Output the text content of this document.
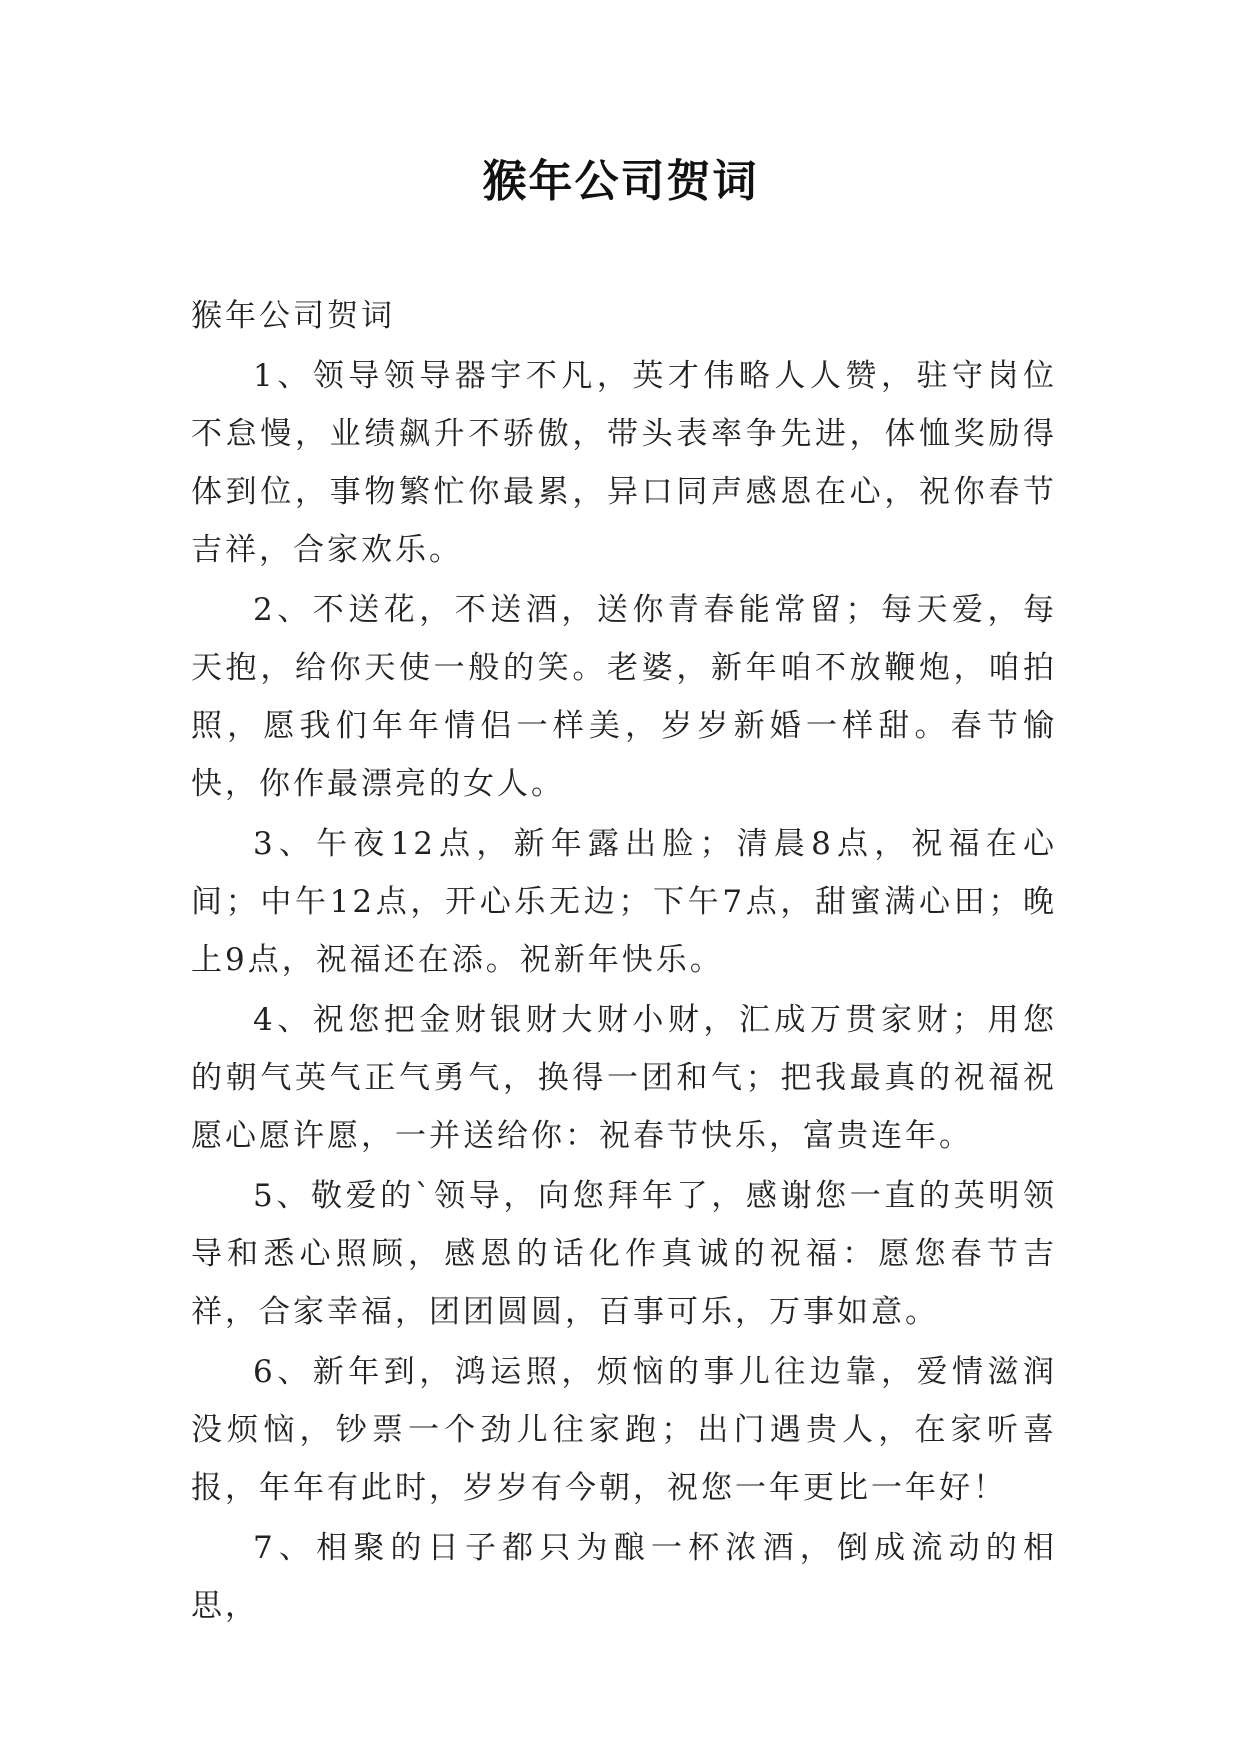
猴年公司贺词

猴年公司贺词

1、领导领导器宇不凡，英才伟略人人赞，驻守岗位不怠慢，业绩飙升不骄傲，带头表率争先进，体恤奖励得体到位，事物繁忙你最累，异口同声感恩在心，祝你春节吉祥，合家欢乐。

2、不送花，不送酒，送你青春能常留；每天爱，每天抱，给你天使一般的笑。老婆，新年咱不放鞭炮，咱拍照，愿我们年年情侣一样美，岁岁新婚一样甜。春节愉快，你作最漂亮的女人。

3、午夜12点，新年露出脸；清晨8点，祝福在心间；中午12点，开心乐无边；下午7点，甜蜜满心田；晚上9点，祝福还在添。祝新年快乐。

4、祝您把金财银财大财小财，汇成万贯家财；用您的朝气英气正气勇气，换得一团和气；把我最真的祝福祝愿心愿许愿，一并送给你：祝春节快乐，富贵连年。

5、敬爱的`领导，向您拜年了，感谢您一直的英明领导和悉心照顾，感恩的话化作真诚的祝福：愿您春节吉祥，合家幸福，团团圆圆，百事可乐，万事如意。

6、新年到，鸿运照，烦恼的事儿往边靠，爱情滋润没烦恼，钞票一个劲儿往家跑；出门遇贵人，在家听喜报，年年有此时，岁岁有今朝，祝您一年更比一年好！

7、相聚的日子都只为酿一杯浓酒，倒成流动的相思，
